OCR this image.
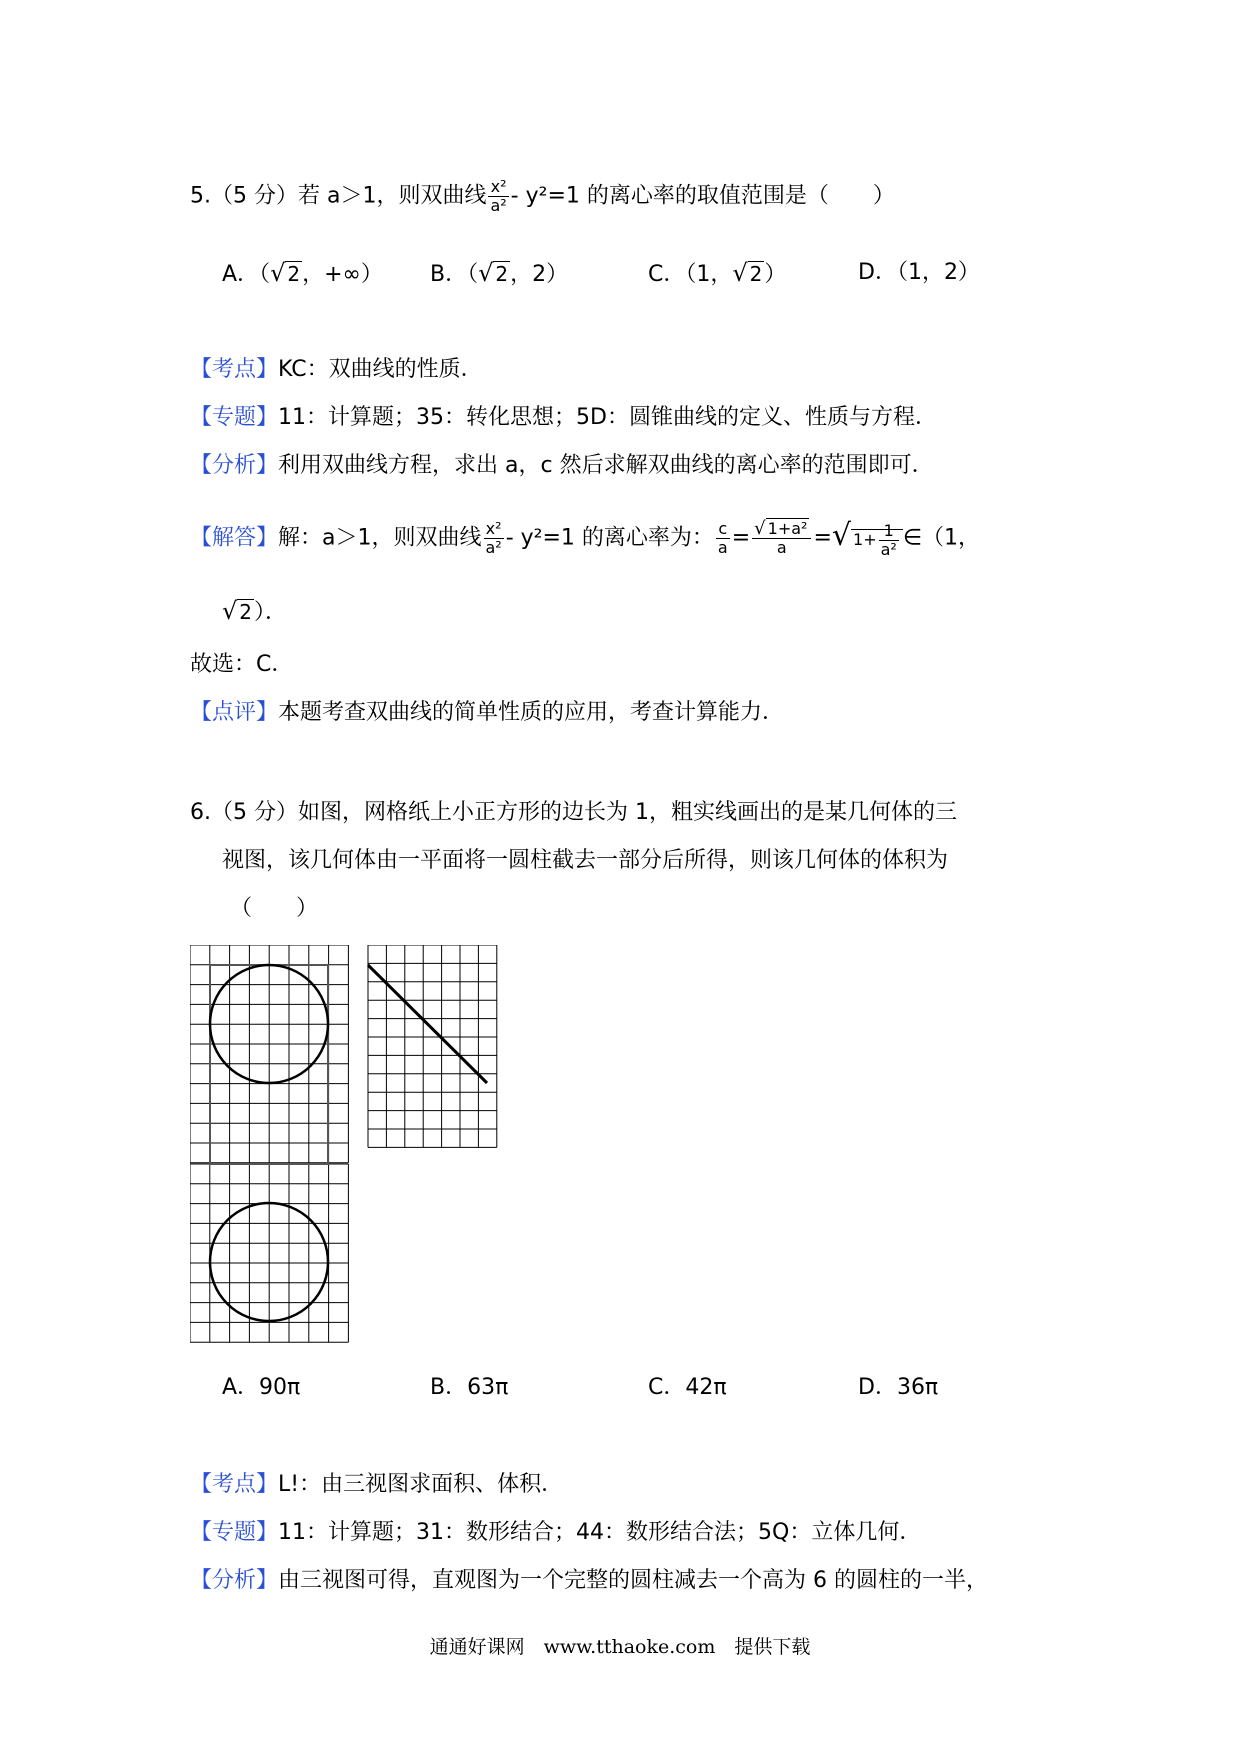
5.（5 分）若 a＞1，则双曲线 $\frac{\text{x²}}{\text{a²}} - y^2=1$ 的离心率的取值范围是（　　）
A．（√ 2，+∞） B．（√ 2，2）	C．（1，√ 2）	D．（1，2）
【考点】KC：双曲线的性质．
【专题】11：计算题；35：转化思想；5D：圆锥曲线的定义、性质与方程．
【分析】利用双曲线方程，求出 a，c 然后求解双曲线的离心率的范围即可．
【解答】解：a＞1，则双曲线 $\frac{\text{x²}}{\text{a²}} - y^2=1$ 的离心率为： $\frac{c}{a} = \frac{\text{√ 1+a²}}{a}$ =√ $1+ \frac{1}{\text{a²}}$ ∈（1，
√ 2）．
故选：C．
【点评】本题考查双曲线的简单性质的应用，考查计算能力．
6.（5 分）如图，网格纸上小正方形的边长为 1，粗实线画出的是某几何体的三
视图，该几何体由一平面将一圆柱截去一部分后所得，则该几何体的体积为
（　　）
A．90π	B．63π	C．42π	D．36π
【考点】L!：由三视图求面积、体积．
【专题】11：计算题；31：数形结合；44：数形结合法；5Q：立体几何．
【分析】由三视图可得，直观图为一个完整的圆柱减去一个高为 6 的圆柱的一半，
通通好课网　www.tthaoke.com　提供下载
